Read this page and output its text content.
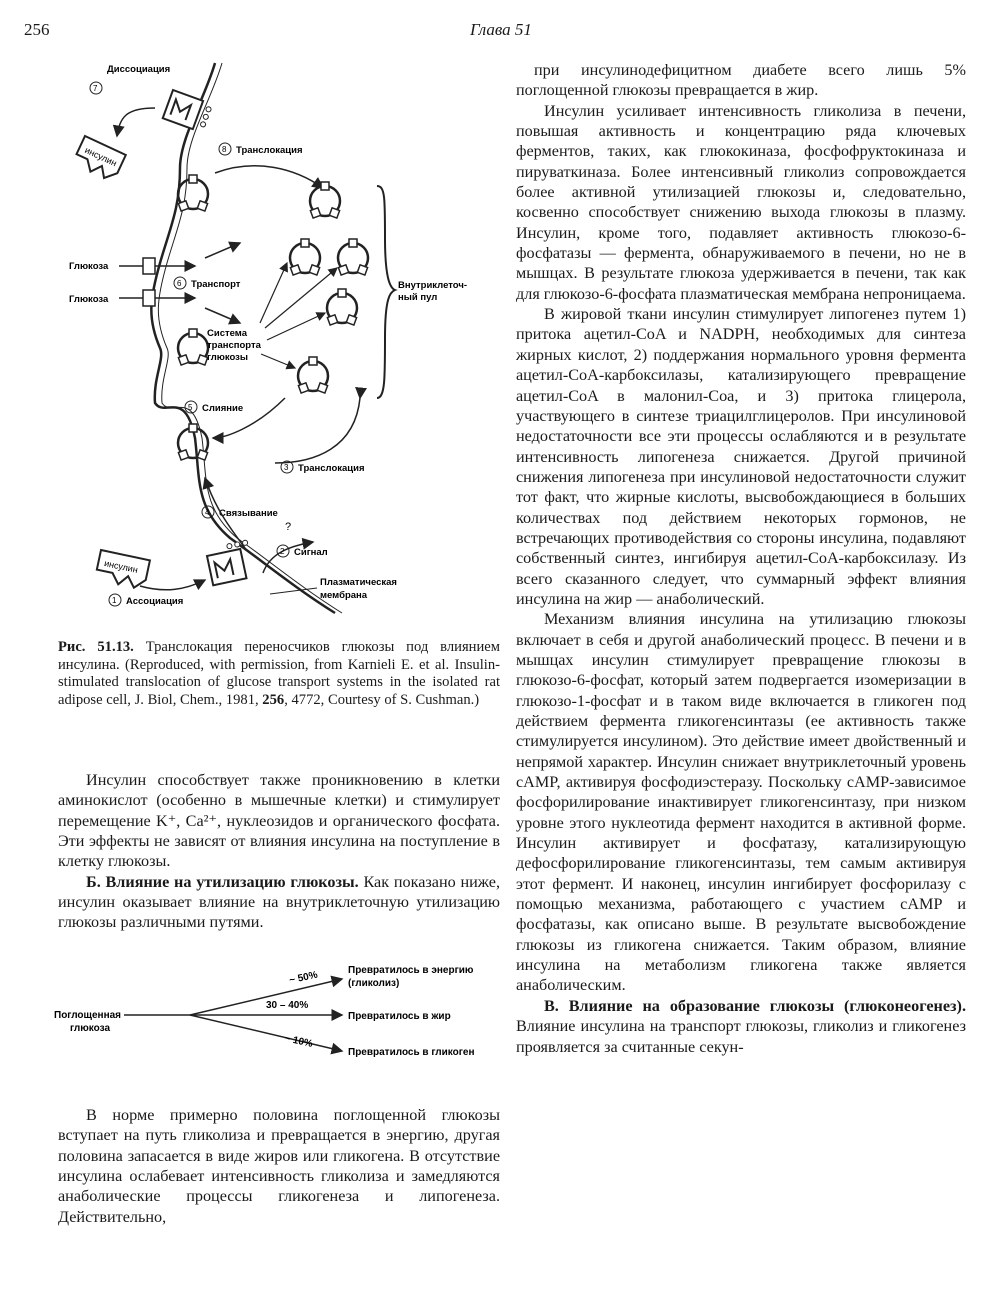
256	Глава 51
инсулин
Диссоциация
7
8 Транслокация
Внутриклеточ-
ный пул
Глюкоза
Глюкоза
6 Транспорт
Система
транспорта
глюкозы
5 Слияние
3 Транслокация
4 Связывание
?
2 Сигнал
инсулин
1 Ассоциация
Плазматическая
мембрана
Рис. 51.13. Транслокация переносчиков глюкозы под влиянием инсулина. (Reproduced, with permission, from Karnieli E. et al. Insulin-stimulated translocation of glucose transport systems in the isolated rat adipose cell, J. Biol, Chem., 1981, 256, 4772, Courtesy of S. Cushman.)

Инсулин способствует также проникновению в клетки аминокислот (особенно в мышечные клетки) и стимулирует перемещение K⁺, Ca²⁺, нуклеозидов и органического фосфата. Эти эффекты не зависят от влияния инсулина на поступление в клетку глюкозы.

Б. Влияние на утилизацию глюкозы. Как показано ниже, инсулин оказывает влияние на внутриклеточную утилизацию глюкозы различными путями.

Поглощенная
глюкоза
~ 50%
30 – 40%
~ 10%
Превратилось в энергию
(гликолиз)
Превратилось в жир
Превратилось в гликоген

В норме примерно половина поглощенной глюкозы вступает на путь гликолиза и превращается в энергию, другая половина запасается в виде жиров или гликогена. В отсутствие инсулина ослабевает интенсивность гликолиза и замедляются анаболические процессы гликогенеза и липогенеза. Действительно,

при инсулинодефицитном диабете всего лишь 5% поглощенной глюкозы превращается в жир.

Инсулин усиливает интенсивность гликолиза в печени, повышая активность и концентрацию ряда ключевых ферментов, таких, как глюкокиназа, фосфофруктокиназа и пируваткиназа. Более интенсивный гликолиз сопровождается более активной утилизацией глюкозы и, следовательно, косвенно способствует снижению выхода глюкозы в плазму. Инсулин, кроме того, подавляет активность глюкозо-6-фосфатазы — фермента, обнаруживаемого в печени, но не в мышцах. В результате глюкоза удерживается в печени, так как для глюкозо-6-фосфата плазматическая мембрана непроницаема.

В жировой ткани инсулин стимулирует липогенез путем 1) притока ацетил-CoA и NADPH, необходимых для синтеза жирных кислот, 2) поддержания нормального уровня фермента ацетил-CoA-карбоксилазы, катализирующего превращение ацетил-CoA в малонил-Coa, и 3) притока глицерола, участвующего в синтезе триацилглицеролов. При инсулиновой недостаточности все эти процессы ослабляются и в результате интенсивность липогенеза снижается. Другой причиной снижения липогенеза при инсулиновой недостаточности служит тот факт, что жирные кислоты, высвобождающиеся в больших количествах под действием некоторых гормонов, не встречающих противодействия со стороны инсулина, подавляют собственный синтез, ингибируя ацетил-CoA-карбоксилазу. Из всего сказанного следует, что суммарный эффект влияния инсулина на жир — анаболический.

Механизм влияния инсулина на утилизацию глюкозы включает в себя и другой анаболический процесс. В печени и в мышцах инсулин стимулирует превращение глюкозы в глюкозо-6-фосфат, который затем подвергается изомеризации в глюкозо-1-фосфат и в таком виде включается в гликоген под действием фермента гликогенсинтазы (ее активность также стимулируется инсулином). Это действие имеет двойственный и непрямой характер. Инсулин снижает внутриклеточный уровень cAMP, активируя фосфодиэстеразу. Поскольку cAMP-зависимое фосфорилирование инактивирует гликогенсинтазу, при низком уровне этого нуклеотида фермент находится в активной форме. Инсулин активирует и фосфатазу, катализирующую дефосфорилирование гликогенсинтазы, тем самым активируя этот фермент. И наконец, инсулин ингибирует фосфорилазу с помощью механизма, работающего с участием cAMP и фосфатазы, как описано выше. В результате высвобождение глюкозы из гликогена снижается. Таким образом, влияние инсулина на метаболизм гликогена также является анаболическим.

В. Влияние на образование глюкозы (глюконеогенез). Влияние инсулина на транспорт глюкозы, гликолиз и гликогенез проявляется за считанные секун-
